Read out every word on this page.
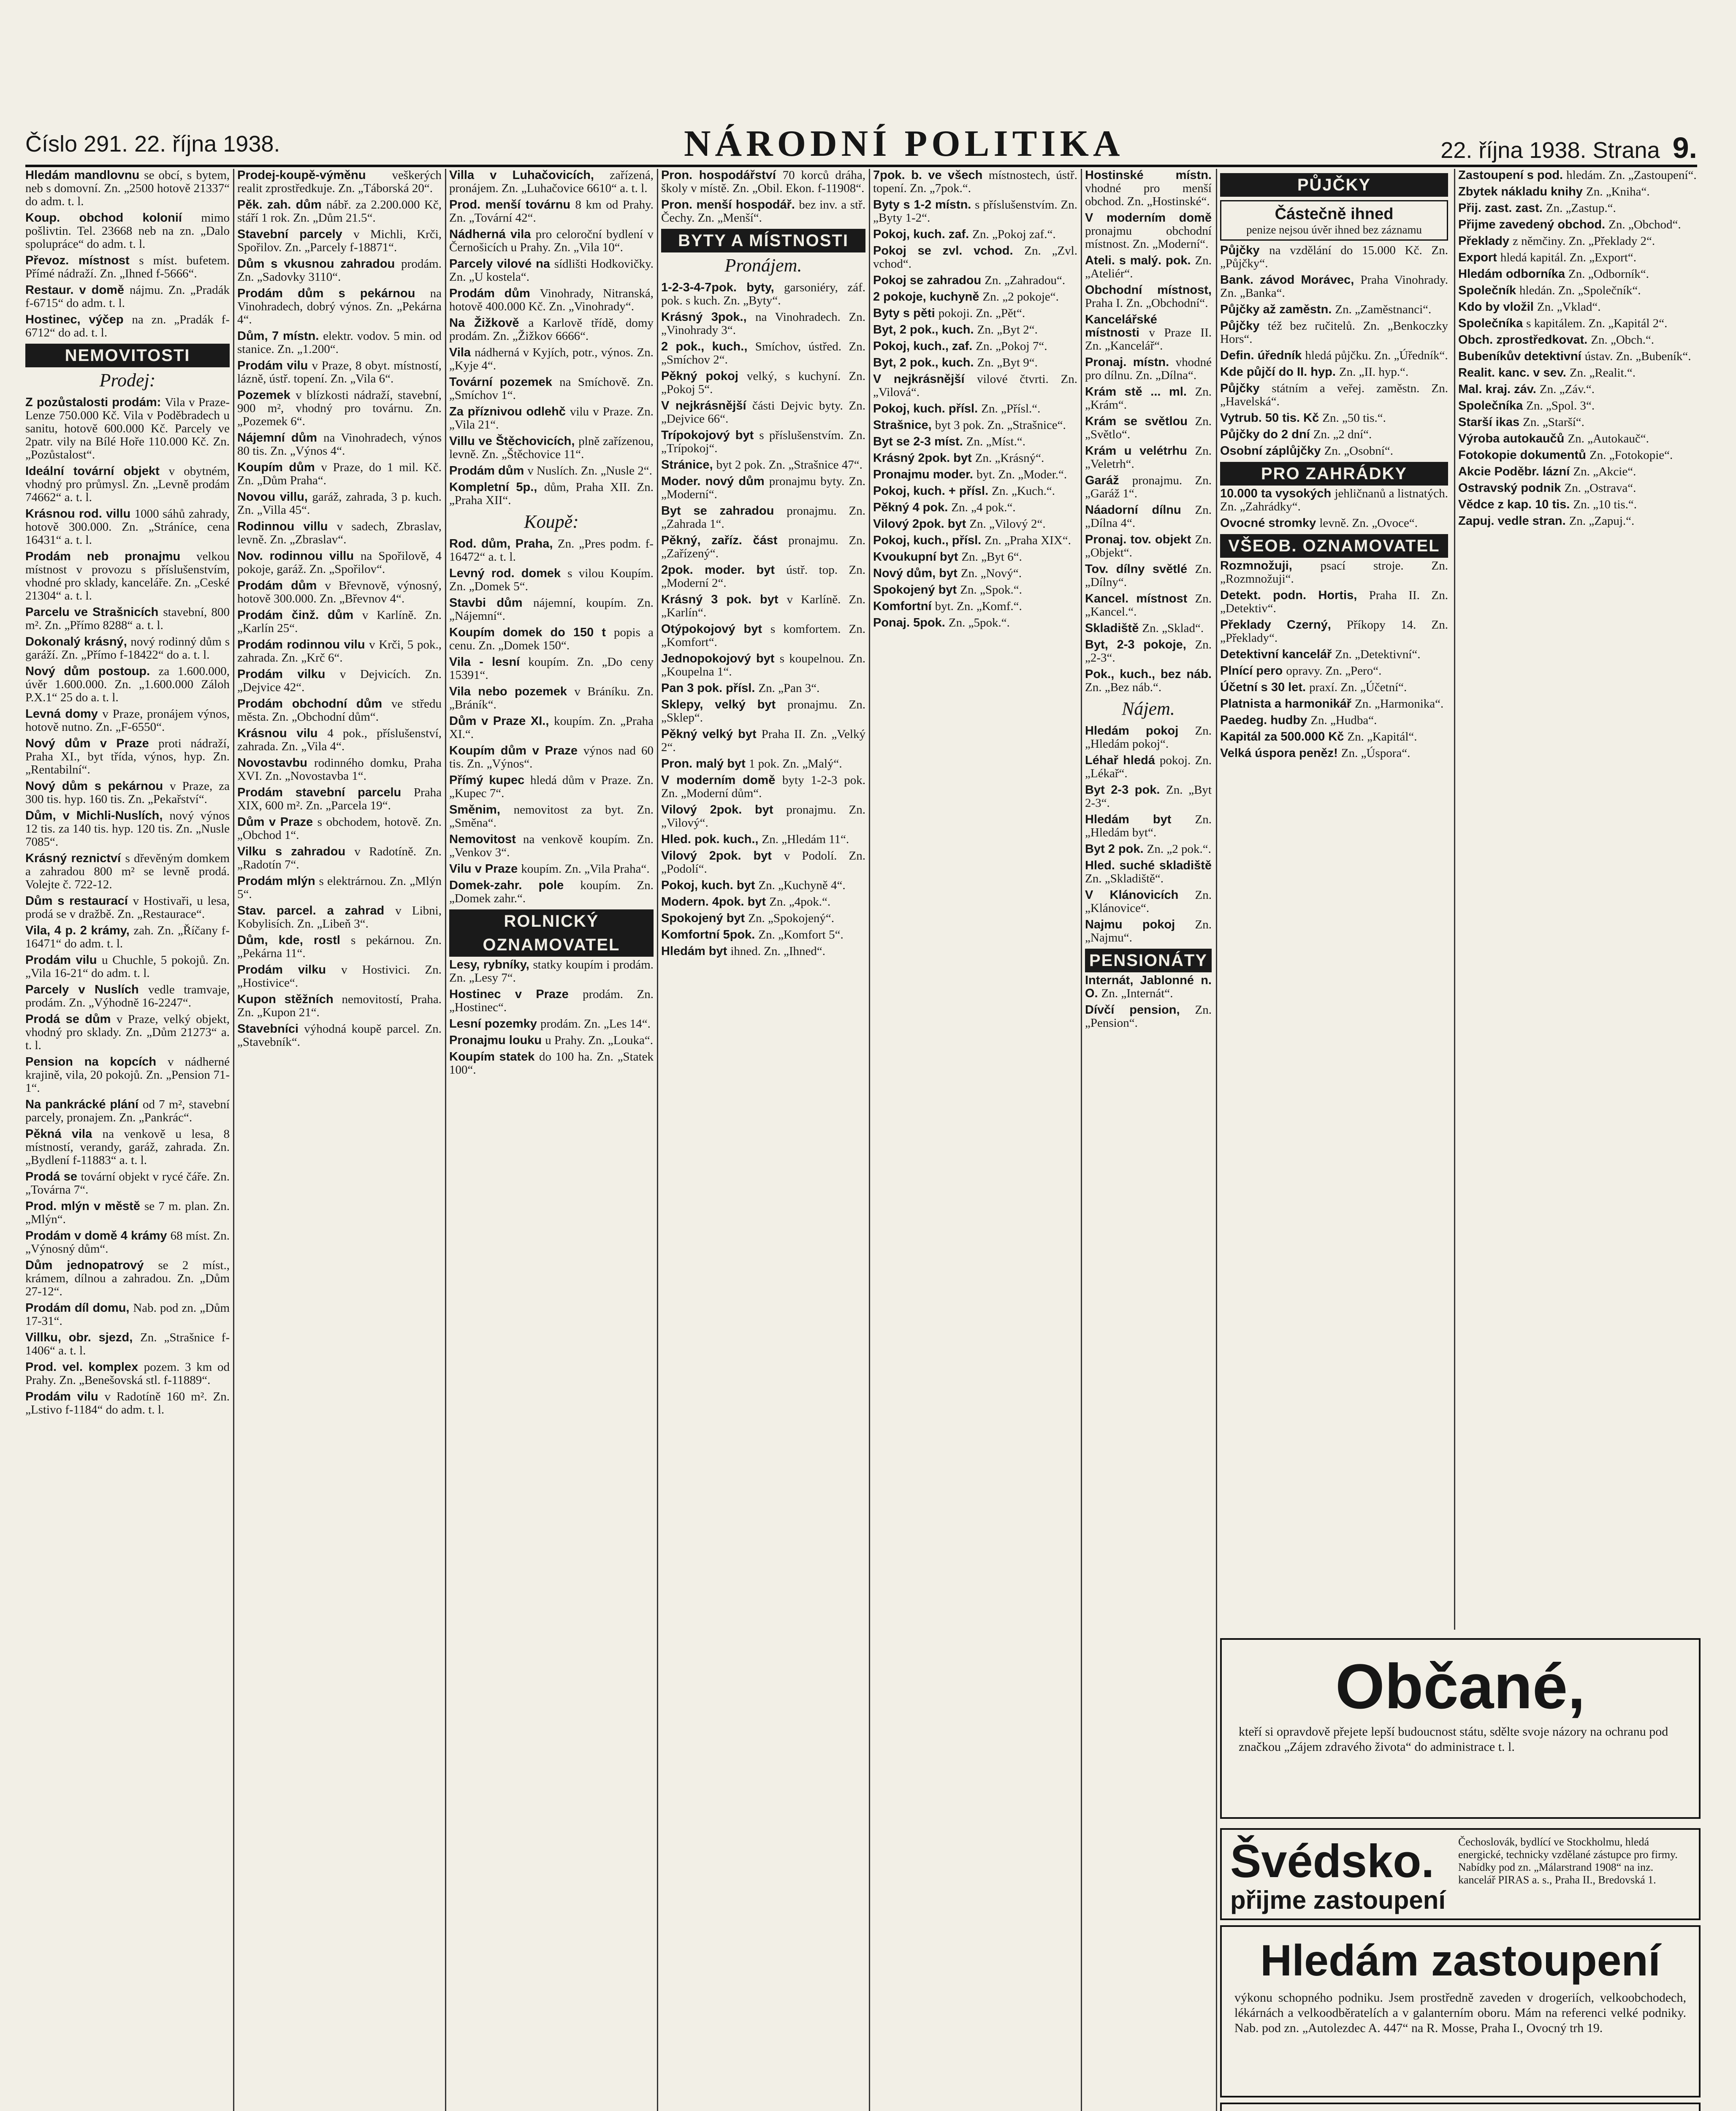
Číslo 291. 22. října 1938.	NÁRODNÍ POLITIKA	22. října 1938. Strana 9.
Hledám mandlovnu se obcí, s bytem, neb s domovní. Zn. „2500 hotově 21337“ do adm. t. l.
Koup. obchod kolonií mimo pošlivtin. Tel. 23668 neb na zn. „Dalo spolupráce“ do adm. t. l.
Převoz. místnost s míst. bufetem. Přímé nádraží. Zn. „Ihned f-5666“.
Restaur. v domě nájmu. Zn. „Pradák f-6715“ do adm. t. l.
Hostinec, výčep na zn. „Pradák f-6712“ do ad. t. l.
NEMOVITOSTI
Prodej:
Z pozůstalosti prodám: Vila v Praze-Lenze 750.000 Kč. Vila v Poděbradech u sanitu, hotově 600.000 Kč. Parcely ve 2patr. vily na Bílé Hoře 110.000 Kč. Zn. „Pozůstalost“.
Ideální tovární objekt v obytném, vhodný pro průmysl. Zn. „Levně prodám 74662“ a. t. l.
Krásnou rod. villu 1000 sáhů zahrady, hotově 300.000. Zn. „Stráníce, cena 16431“ a. t. l.
Prodám neb pronajmu velkou místnost v provozu s příslušenstvím, vhodné pro sklady, kanceláře. Zn. „Ceské 21304“ a. t. l.
Parcelu ve Strašnicích stavební, 800 m². Zn. „Přímo 8288“ a. t. l.
Dokonalý krásný, nový rodinný dům s garáží. Zn. „Přímo f-18422“ do a. t. l.
Nový dům postoup. za 1.600.000, úvěr 1.600.000. Zn. „1.600.000 Záloh P.X.1“ 25 do a. t. l.
Levná domy v Praze, pronájem výnos, hotově nutno. Zn. „F-6550“.
Nový dům v Praze proti nádraží, Praha XI., byt třída, výnos, hyp. Zn. „Rentabilní“.
Nový dům s pekárnou v Praze, za 300 tis. hyp. 160 tis. Zn. „Pekařství“.
Dům, v Michli-Nuslích, nový výnos 12 tis. za 140 tis. hyp. 120 tis. Zn. „Nusle 7085“.
Krásný reznictví s dřevěným domkem a zahradou 800 m² se levně prodá. Volejte č. 722-12.
Dům s restaurací v Hostivaři, u lesa, prodá se v dražbě. Zn. „Restaurace“.
Vila, 4 p. 2 krámy, zah. Zn. „Říčany f-16471“ do adm. t. l.
Prodám vilu u Chuchle, 5 pokojů. Zn. „Vila 16-21“ do adm. t. l.
Parcely v Nuslích vedle tramvaje, prodám. Zn. „Výhodně 16-2247“.
Prodá se dům v Praze, velký objekt, vhodný pro sklady. Zn. „Dům 21273“ a. t. l.
Pension na kopcích v nádherné krajině, vila, 20 pokojů. Zn. „Pension 71-1“.
Na pankrácké plání od 7 m², stavební parcely, pronajem. Zn. „Pankrác“.
Pěkná vila na venkově u lesa, 8 místností, verandy, garáž, zahrada. Zn. „Bydlení f-11883“ a. t. l.
Prodá se tovární objekt v rycé čáře. Zn. „Továrna 7“.
Prod. mlýn v městě se 7 m. plan. Zn. „Mlýn“.
Prodám v domě 4 krámy 68 míst. Zn. „Výnosný dům“.
Dům jednopatrový se 2 míst., krámem, dílnou a zahradou. Zn. „Dům 27-12“.
Prodám díl domu, Nab. pod zn. „Dům 17-31“.
Villku, obr. sjezd, Zn. „Strašnice f-1406“ a. t. l.
Prod. vel. komplex pozem. 3 km od Prahy. Zn. „Benešovská stl. f-11889“.
Prodám vilu v Radotíně 160 m². Zn. „Lstivo f-1184“ do adm. t. l.
Prodej-koupě-výměnu veškerých realit zprostředkuje. Zn. „Táborská 20“.
Pěk. zah. dům nábř. za 2.200.000 Kč, stáří 1 rok. Zn. „Dům 21.5“.
Stavební parcely v Michli, Krči, Spořilov. Zn. „Parcely f-18871“.
Dům s vkusnou zahradou prodám. Zn. „Sadovky 3110“.
Prodám dům s pekárnou na Vinohradech, dobrý výnos. Zn. „Pekárna 4“.
Dům, 7 místn. elektr. vodov. 5 min. od stanice. Zn. „1.200“.
Prodám vilu v Praze, 8 obyt. místností, lázně, ústř. topení. Zn. „Vila 6“.
Pozemek v blízkosti nádraží, stavební, 900 m², vhodný pro továrnu. Zn. „Pozemek 6“.
Nájemní dům na Vinohradech, výnos 80 tis. Zn. „Výnos 4“.
Koupím dům v Praze, do 1 mil. Kč. Zn. „Dům Praha“.
Novou villu, garáž, zahrada, 3 p. kuch. Zn. „Villa 45“.
Rodinnou villu v sadech, Zbraslav, levně. Zn. „Zbraslav“.
Nov. rodinnou villu na Spořilově, 4 pokoje, garáž. Zn. „Spořilov“.
Prodám dům v Břevnově, výnosný, hotově 300.000. Zn. „Břevnov 4“.
Prodám činž. dům v Karlíně. Zn. „Karlín 25“.
Prodám rodinnou vilu v Krči, 5 pok., zahrada. Zn. „Krč 6“.
Prodám vilku v Dejvicích. Zn. „Dejvice 42“.
Prodám obchodní dům ve středu města. Zn. „Obchodní dům“.
Krásnou vilu 4 pok., příslušenství, zahrada. Zn. „Vila 4“.
Novostavbu rodinného domku, Praha XVI. Zn. „Novostavba 1“.
Prodám stavební parcelu Praha XIX, 600 m². Zn. „Parcela 19“.
Dům v Praze s obchodem, hotově. Zn. „Obchod 1“.
Vilku s zahradou v Radotíně. Zn. „Radotín 7“.
Prodám mlýn s elektrárnou. Zn. „Mlýn 5“.
Stav. parcel. a zahrad v Libni, Kobylisích. Zn. „Libeň 3“.
Dům, kde, rostl s pekárnou. Zn. „Pekárna 11“.
Prodám vilku v Hostivici. Zn. „Hostivice“.
Kupon stěžních nemovitostí, Praha. Zn. „Kupon 21“.
Stavebníci výhodná koupě parcel. Zn. „Stavebník“.
Villa v Luhačovicích, zařízená, pronájem. Zn. „Luhačovice 6610“ a. t. l.
Prod. menší továrnu 8 km od Prahy. Zn. „Tovární 42“.
Nádherná vila pro celoroční bydlení v Černošicích u Prahy. Zn. „Vila 10“.
Parcely vilové na sídlišti Hodkovičky. Zn. „U kostela“.
Prodám dům Vinohrady, Nitranská, hotově 400.000 Kč. Zn. „Vinohrady“.
Na Žižkově a Karlově třídě, domy prodám. Zn. „Žižkov 6666“.
Vila nádherná v Kyjích, potr., výnos. Zn. „Kyje 4“.
Tovární pozemek na Smíchově. Zn. „Smíchov 1“.
Za příznivou odlehč vilu v Praze. Zn. „Vila 21“.
Villu ve Štěchovicích, plně zařízenou, levně. Zn. „Štěchovice 11“.
Prodám dům v Nuslích. Zn. „Nusle 2“.
Kompletní 5p., dům, Praha XII. Zn. „Praha XII“.
Koupě:
Rod. dům, Praha, Zn. „Pres podm. f-16472“ a. t. l.
Levný rod. domek s vilou Koupím. Zn. „Domek 5“.
Stavbi dům nájemní, koupím. Zn. „Nájemní“.
Koupím domek do 150 t popis a cenu. Zn. „Domek 150“.
Vila - lesní koupím. Zn. „Do ceny 15391“.
Vila nebo pozemek v Bráníku. Zn. „Bráník“.
Dům v Praze XI., koupím. Zn. „Praha XI.“.
Koupím dům v Praze výnos nad 60 tis. Zn. „Výnos“.
Přímý kupec hledá dům v Praze. Zn. „Kupec 7“.
Směnim, nemovitost za byt. Zn. „Směna“.
Nemovitost na venkově koupím. Zn. „Venkov 3“.
Vilu v Praze koupím. Zn. „Vila Praha“.
Domek-zahr. pole koupím. Zn. „Domek zahr.“.
ROLNICKÝ OZNAMOVATEL
Lesy, rybníky, statky koupím i prodám. Zn. „Lesy 7“.
Hostinec v Praze prodám. Zn. „Hostinec“.
Lesní pozemky prodám. Zn. „Les 14“.
Pronajmu louku u Prahy. Zn. „Louka“.
Koupím statek do 100 ha. Zn. „Statek 100“.
Pron. hospodářství 70 korců dráha, školy v místě. Zn. „Obil. Ekon. f-11908“.
Pron. menší hospodář. bez inv. a stř. Čechy. Zn. „Menší“.
BYTY A MÍSTNOSTI
Pronájem.
1-2-3-4-7pok. byty, garsoniéry, záf. pok. s kuch. Zn. „Byty“.
Krásný 3pok., na Vinohradech. Zn. „Vinohrady 3“.
2 pok., kuch., Smíchov, ústřed. Zn. „Smíchov 2“.
Pěkný pokoj velký, s kuchyní. Zn. „Pokoj 5“.
V nejkrásnější části Dejvic byty. Zn. „Dejvice 66“.
Trípokojový byt s příslušenstvím. Zn. „Trípokoj“.
Stránice, byt 2 pok. Zn. „Strašnice 47“.
Moder. nový dům pronajmu byty. Zn. „Moderní“.
Byt se zahradou pronajmu. Zn. „Zahrada 1“.
Pěkný, zaříz. část pronajmu. Zn. „Zařízený“.
2pok. moder. byt ústř. top. Zn. „Moderní 2“.
Krásný 3 pok. byt v Karlíně. Zn. „Karlín“.
Otýpokojový byt s komfortem. Zn. „Komfort“.
Jednopokojový byt s koupelnou. Zn. „Koupelna 1“.
Pan 3 pok. přísl. Zn. „Pan 3“.
Sklepy, velký byt pronajmu. Zn. „Sklep“.
Pěkný velký byt Praha II. Zn. „Velký 2“.
Pron. malý byt 1 pok. Zn. „Malý“.
V moderním domě byty 1-2-3 pok. Zn. „Moderní dům“.
Vilový 2pok. byt pronajmu. Zn. „Vilový“.
Hled. pok. kuch., Zn. „Hledám 11“.
Vilový 2pok. byt v Podolí. Zn. „Podolí“.
Pokoj, kuch. byt Zn. „Kuchyně 4“.
Modern. 4pok. byt Zn. „4pok.“.
Spokojený byt Zn. „Spokojený“.
Komfortní 5pok. Zn. „Komfort 5“.
Hledám byt ihned. Zn. „Ihned“.
7pok. b. ve všech místnostech, ústř. topení. Zn. „7pok.“.
Byty s 1-2 místn. s příslušenstvím. Zn. „Byty 1-2“.
Pokoj, kuch. zaf. Zn. „Pokoj zaf.“.
Pokoj se zvl. vchod. Zn. „Zvl. vchod“.
Pokoj se zahradou Zn. „Zahradou“.
2 pokoje, kuchyně Zn. „2 pokoje“.
Byty s pěti pokoji. Zn. „Pět“.
Byt, 2 pok., kuch. Zn. „Byt 2“.
Pokoj, kuch., zaf. Zn. „Pokoj 7“.
Byt, 2 pok., kuch. Zn. „Byt 9“.
V nejkrásnější vilové čtvrti. Zn. „Vilová“.
Pokoj, kuch. přísl. Zn. „Přísl.“.
Strašnice, byt 3 pok. Zn. „Strašnice“.
Byt se 2-3 míst. Zn. „Míst.“.
Krásný 2pok. byt Zn. „Krásný“.
Pronajmu moder. byt. Zn. „Moder.“.
Pokoj, kuch. + přísl. Zn. „Kuch.“.
Pěkný 4 pok. Zn. „4 pok.“.
Vilový 2pok. byt Zn. „Vilový 2“.
Pokoj, kuch., přísl. Zn. „Praha XIX“.
Kvoukupní byt Zn. „Byt 6“.
Nový dům, byt Zn. „Nový“.
Spokojený byt Zn. „Spok.“.
Komfortní byt. Zn. „Komf.“.
Ponaj. 5pok. Zn. „5pok.“.
Hostinské místn. vhodné pro menší obchod. Zn. „Hostinské“.
V moderním domě pronajmu obchodní místnost. Zn. „Moderní“.
Ateli. s malý. pok. Zn. „Ateliér“.
Obchodní místnost, Praha I. Zn. „Obchodní“.
Kancelářské místnosti v Praze II. Zn. „Kancelář“.
Pronaj. místn. vhodné pro dílnu. Zn. „Dílna“.
Krám stě ... ml. Zn. „Krám“.
Krám se světlou Zn. „Světlo“.
Krám u velétrhu Zn. „Veletrh“.
Garáž pronajmu. Zn. „Garáž 1“.
Náadorní dílnu Zn. „Dílna 4“.
Pronaj. tov. objekt Zn. „Objekt“.
Tov. dílny světlé Zn. „Dílny“.
Kancel. místnost Zn. „Kancel.“.
Skladiště Zn. „Sklad“.
Byt, 2-3 pokoje, Zn. „2-3“.
Pok., kuch., bez náb. Zn. „Bez náb.“.
Nájem.
Hledám pokoj Zn. „Hledám pokoj“.
Léhař hledá pokoj. Zn. „Lékař“.
Byt 2-3 pok. Zn. „Byt 2-3“.
Hledám byt Zn. „Hledám byt“.
Byt 2 pok. Zn. „2 pok.“.
Hled. suché skladiště Zn. „Skladiště“.
V Klánovicích Zn. „Klánovice“.
Najmu pokoj Zn. „Najmu“.
PENSIONÁTY
Internát, Jablonné n. O. Zn. „Internát“.
Dívčí pension, Zn. „Pension“.
PŮJČKY
Částečně ihned
penize nejsou úvěr ihned bez záznamu
Půjčky na vzdělání do 15.000 Kč. Zn. „Půjčky“.
Bank. závod Morávec, Praha Vinohrady. Zn. „Banka“.
Půjčky až zaměstn. Zn. „Zaměstnanci“.
Půjčky též bez ručitelů. Zn. „Benkoczky Hors“.
Defin. úředník hledá půjčku. Zn. „Úředník“.
Kde půjčí do II. hyp. Zn. „II. hyp.“.
Půjčky státním a veřej. zaměstn. Zn. „Havelská“.
Vytrub. 50 tis. Kč Zn. „50 tis.“.
Půjčky do 2 dní Zn. „2 dní“.
Osobní záplůjčky Zn. „Osobní“.
PRO ZAHRÁDKY
10.000 ta vysokých jehličnanů a listnatých. Zn. „Zahrádky“.
Ovocné stromky levně. Zn. „Ovoce“.
VŠEOB. OZNAMOVATEL
Rozmnožuji, psací stroje. Zn. „Rozmnožuji“.
Detekt. podn. Hortis, Praha II. Zn. „Detektiv“.
Překlady Czerný, Příkopy 14. Zn. „Překlady“.
Detektivní kancelář Zn. „Detektivní“.
Plnící pero opravy. Zn. „Pero“.
Účetní s 30 let. praxí. Zn. „Účetní“.
Platnista a harmonikář Zn. „Harmonika“.
Paedeg. hudby Zn. „Hudba“.
Kapitál za 500.000 Kč Zn. „Kapitál“.
Velká úspora peněz! Zn. „Úspora“.
Zastoupení s pod. hledám. Zn. „Zastoupení“.
Zbytek nákladu knihy Zn. „Kniha“.
Přij. zast. zast. Zn. „Zastup.“.
Přijme zavedený obchod. Zn. „Obchod“.
Překlady z němčiny. Zn. „Překlady 2“.
Export hledá kapitál. Zn. „Export“.
Hledám odborníka Zn. „Odborník“.
Společník hledán. Zn. „Společník“.
Kdo by vložil Zn. „Vklad“.
Společníka s kapitálem. Zn. „Kapitál 2“.
Obch. zprostředkovat. Zn. „Obch.“.
Bubeníkův detektivní ústav. Zn. „Bubeník“.
Realit. kanc. v sev. Zn. „Realit.“.
Mal. kraj. záv. Zn. „Záv.“.
Společníka Zn. „Spol. 3“.
Starší ikas Zn. „Starší“.
Výroba autokaučů Zn. „Autokauč“.
Fotokopie dokumentů Zn. „Fotokopie“.
Akcie Poděbr. lázní Zn. „Akcie“.
Ostravský podnik Zn. „Ostrava“.
Vědce z kap. 10 tis. Zn. „10 tis.“.
Zapuj. vedle stran. Zn. „Zapuj.“.
Občané,
kteří si opravdově přejete lepší budoucnost státu, sdělte svoje názory na ochranu pod značkou „Zájem zdravého života“ do administrace t. l.
Švédsko.
přijme zastoupení
Čechoslovák, bydlící ve Stockholmu, hledá energické, technicky vzdělané zástupce pro firmy. Nabídky pod zn. „Málarstrand 1908“ na inz. kancelář PIRAS a. s., Praha II., Bredovská 1.
Hledám zastoupení
výkonu schopného podniku. Jsem prostředně zaveden v drogeriích, velkoobchodech, lékárnách a velkoodběratelích a v galanterním oboru. Mám na referenci velké podniky. Nab. pod zn. „Autolezdec A. 447“ na R. Mosse, Praha I., Ovocný trh 19.
